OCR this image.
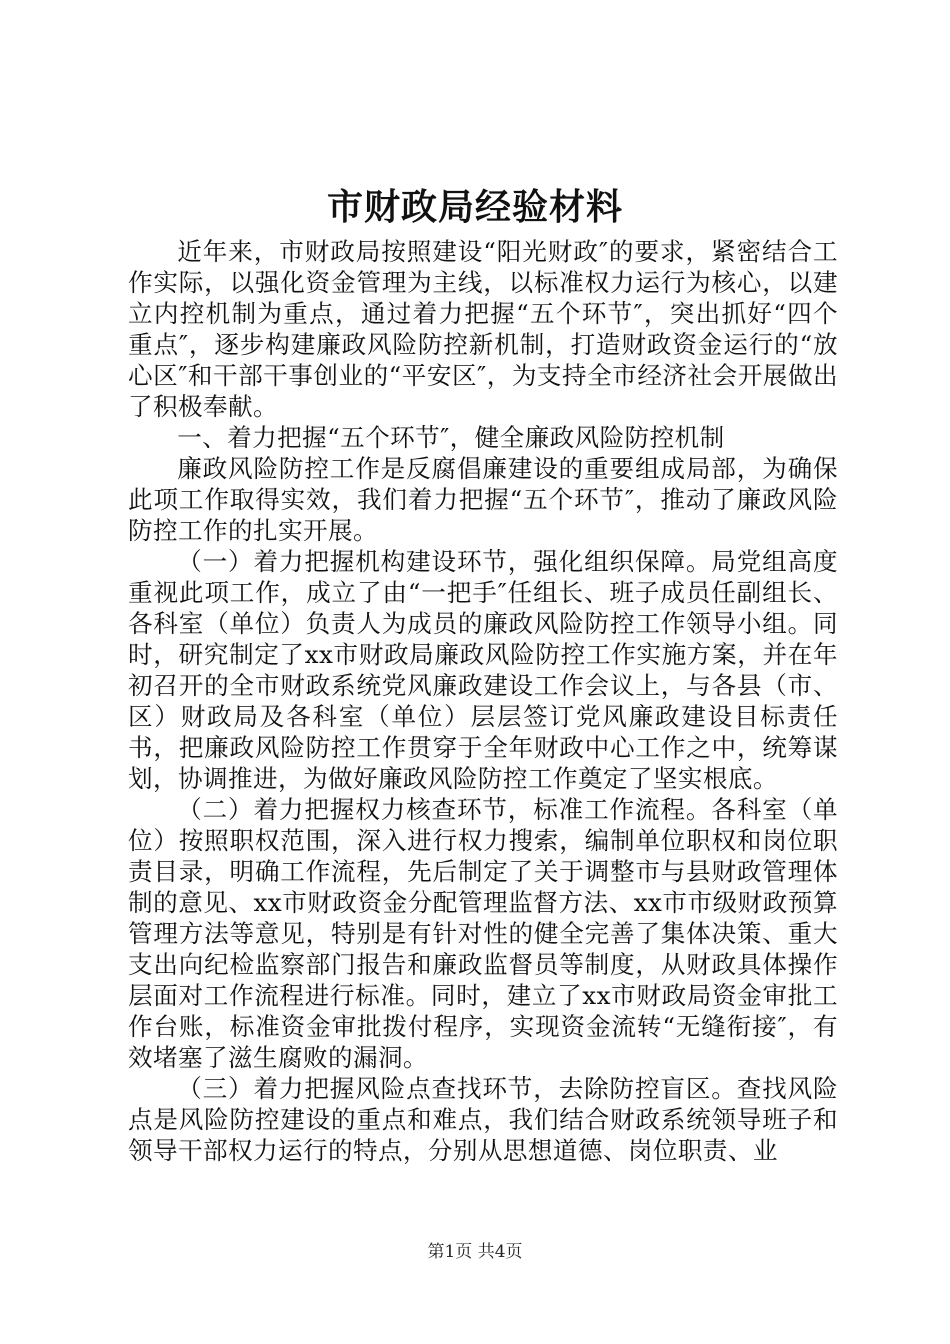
市财政局经验材料

近年来，市财政局按照建设“阳光财政″的要求，紧密结合工作实际，以强化资金管理为主线，以标准权力运行为核心，以建立内控机制为重点，通过着力把握“五个环节″，突出抓好“四个重点″，逐步构建廉政风险防控新机制，打造财政资金运行的“放心区″和干部干事创业的“平安区″，为支持全市经济社会开展做出了积极奉献。

一、着力把握“五个环节″，健全廉政风险防控机制

廉政风险防控工作是反腐倡廉建设的重要组成局部，为确保此项工作取得实效，我们着力把握“五个环节″，推动了廉政风险防控工作的扎实开展。

（一）着力把握机构建设环节，强化组织保障。局党组高度重视此项工作，成立了由“一把手″任组长、班子成员任副组长、各科室（单位）负责人为成员的廉政风险防控工作领导小组。同时，研究制定了xx市财政局廉政风险防控工作实施方案，并在年初召开的全市财政系统党风廉政建设工作会议上，与各县（市、区）财政局及各科室（单位）层层签订党风廉政建设目标责任书，把廉政风险防控工作贯穿于全年财政中心工作之中，统筹谋划，协调推进，为做好廉政风险防控工作奠定了坚实根底。

（二）着力把握权力核查环节，标准工作流程。各科室（单位）按照职权范围，深入进行权力搜索，编制单位职权和岗位职责目录，明确工作流程，先后制定了关于调整市与县财政管理体制的意见、xx市财政资金分配管理监督方法、xx市市级财政预算管理方法等意见，特别是有针对性的健全完善了集体决策、重大支出向纪检监察部门报告和廉政监督员等制度，从财政具体操作层面对工作流程进行标准。同时，建立了xx市财政局资金审批工作台账，标准资金审批拨付程序，实现资金流转“无缝衔接″，有效堵塞了滋生腐败的漏洞。

（三）着力把握风险点查找环节，去除防控盲区。查找风险点是风险防控建设的重点和难点，我们结合财政系统领导班子和领导干部权力运行的特点，分别从思想道德、岗位职责、业

第1页 共4页
